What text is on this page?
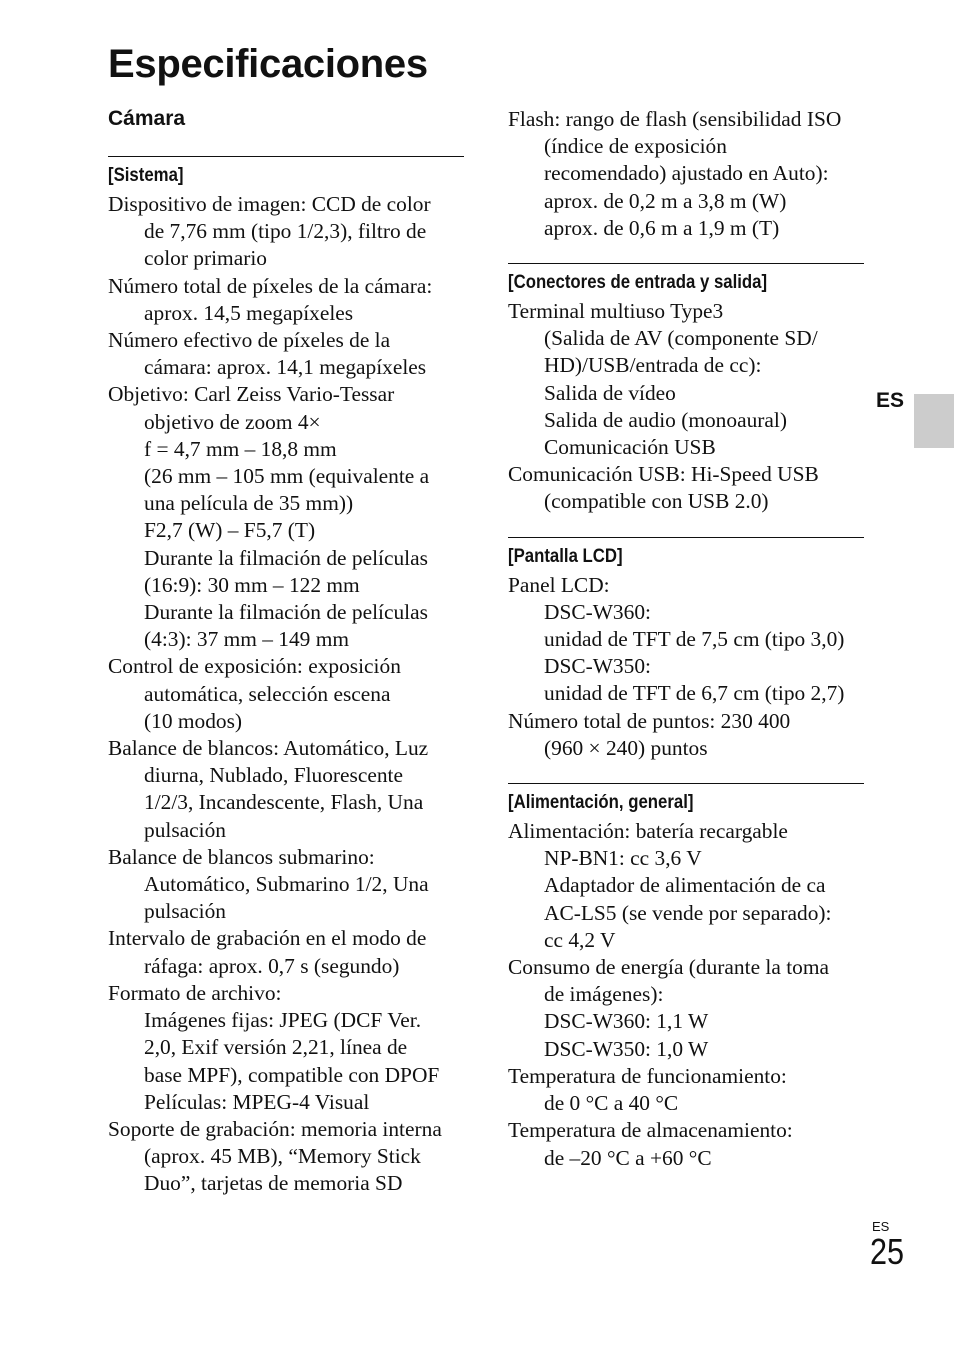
Especificaciones
Cámara
[Sistema]
Dispositivo de imagen: CCD de color
de 7,76 mm (tipo 1/2,3), filtro de
color primario
Número total de píxeles de la cámara:
aprox. 14,5 megapíxeles
Número efectivo de píxeles de la
cámara: aprox. 14,1 megapíxeles
Objetivo: Carl Zeiss Vario-Tessar
objetivo de zoom 4×
f = 4,7 mm – 18,8 mm
(26 mm – 105 mm (equivalente a
una película de 35 mm))
F2,7 (W) – F5,7 (T)
Durante la filmación de películas
(16:9): 30 mm – 122 mm
Durante la filmación de películas
(4:3): 37 mm – 149 mm
Control de exposición: exposición
automática, selección escena
(10 modos)
Balance de blancos: Automático, Luz
diurna, Nublado, Fluorescente
1/2/3, Incandescente, Flash, Una
pulsación
Balance de blancos submarino:
Automático, Submarino 1/2, Una
pulsación
Intervalo de grabación en el modo de
ráfaga: aprox. 0,7 s (segundo)
Formato de archivo:
Imágenes fijas: JPEG (DCF Ver.
2,0, Exif versión 2,21, línea de
base MPF), compatible con DPOF
Películas: MPEG-4 Visual
Soporte de grabación: memoria interna
(aprox. 45 MB), “Memory Stick
Duo”, tarjetas de memoria SD
Flash: rango de flash (sensibilidad ISO
(índice de exposición
recomendado) ajustado en Auto):
aprox. de 0,2 m a 3,8 m (W)
aprox. de 0,6 m a 1,9 m (T)
[Conectores de entrada y salida]
Terminal multiuso Type3
(Salida de AV (componente SD/
HD)/USB/entrada de cc):
Salida de vídeo
Salida de audio (monoaural)
Comunicación USB
Comunicación USB: Hi-Speed USB
(compatible con USB 2.0)
[Pantalla LCD]
Panel LCD:
DSC-W360:
unidad de TFT de 7,5 cm (tipo 3,0)
DSC-W350:
unidad de TFT de 6,7 cm (tipo 2,7)
Número total de puntos: 230 400
(960 × 240) puntos
[Alimentación, general]
Alimentación: batería recargable
NP-BN1: cc 3,6 V
Adaptador de alimentación de ca
AC-LS5 (se vende por separado):
cc 4,2 V
Consumo de energía (durante la toma
de imágenes):
DSC-W360: 1,1 W
DSC-W350: 1,0 W
Temperatura de funcionamiento:
de 0 °C a 40 °C
Temperatura de almacenamiento:
de –20 °C a +60 °C
ES
ES
25
